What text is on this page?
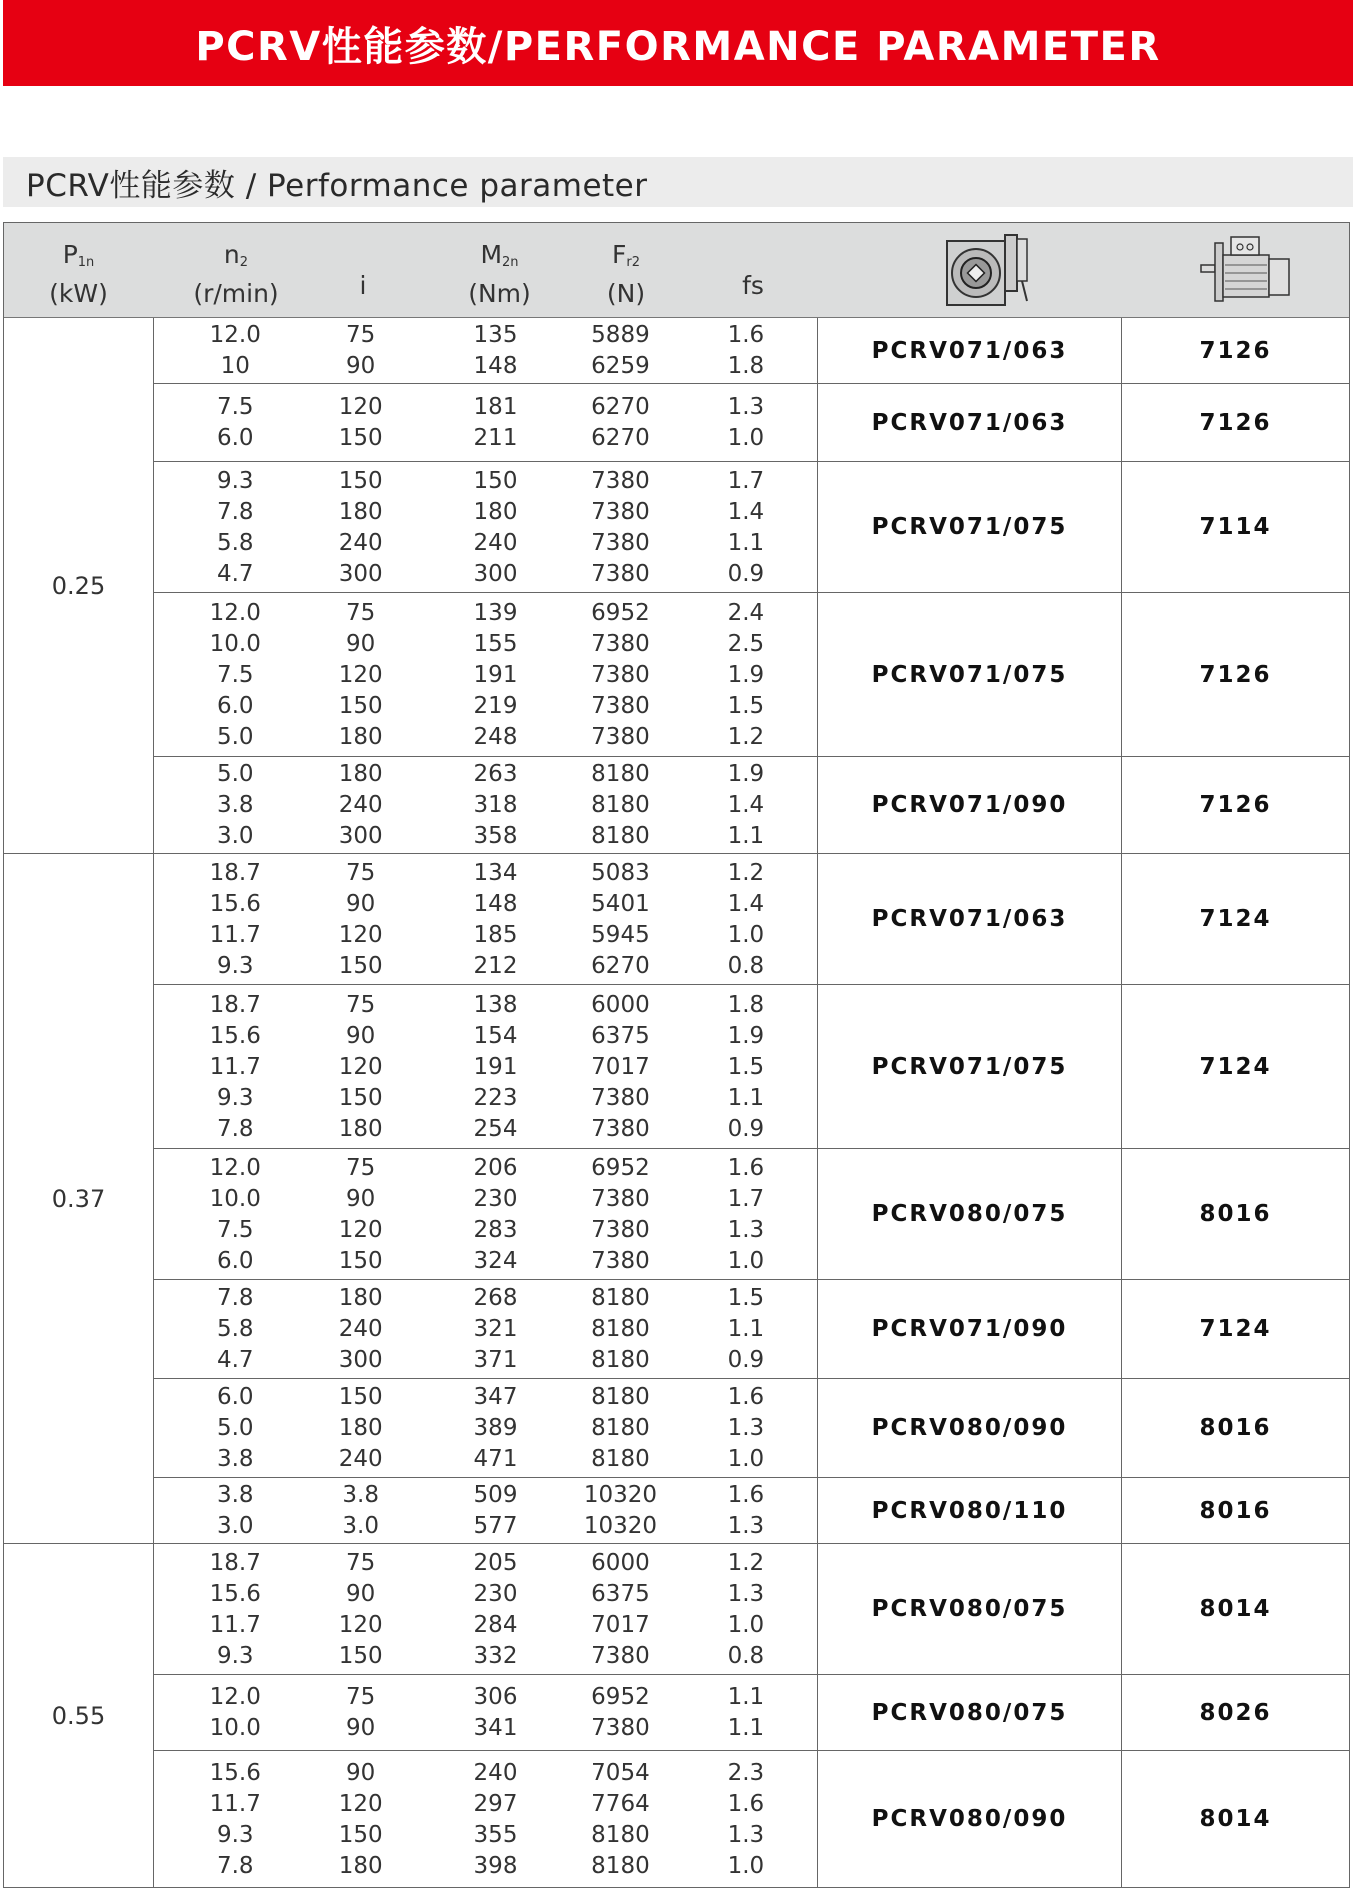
PCRV性能参数/PERFORMANCE PARAMETER
PCRV性能参数 / Performance parameter
$P_{1n}$
(kW)
$n_2$
(r/min)	i
$M_{2n}$
(Nm)
$F_{r2}$
(N)	fs
0.25
12.0	75	135	5889	1.6
10	90	148	6259	1.8
PCRV071/063	7126
7.5	120	181	6270	1.3
6.0	150	211	6270	1.0
PCRV071/063	7126
9.3	150	150	7380	1.7
7.8	180	180	7380	1.4
5.8	240	240	7380	1.1
4.7	300	300	7380	0.9
PCRV071/075	7114
12.0	75	139	6952	2.4
10.0	90	155	7380	2.5
7.5	120	191	7380	1.9
6.0	150	219	7380	1.5
5.0	180	248	7380	1.2
PCRV071/075	7126
5.0	180	263	8180	1.9
3.8	240	318	8180	1.4
3.0	300	358	8180	1.1
PCRV071/090	7126
0.37
18.7	75	134	5083	1.2
15.6	90	148	5401	1.4
11.7	120	185	5945	1.0
9.3	150	212	6270	0.8
PCRV071/063	7124
18.7	75	138	6000	1.8
15.6	90	154	6375	1.9
11.7	120	191	7017	1.5
9.3	150	223	7380	1.1
7.8	180	254	7380	0.9
PCRV071/075	7124
12.0	75	206	6952	1.6
10.0	90	230	7380	1.7
7.5	120	283	7380	1.3
6.0	150	324	7380	1.0
PCRV080/075	8016
7.8	180	268	8180	1.5
5.8	240	321	8180	1.1
4.7	300	371	8180	0.9
PCRV071/090	7124
6.0	150	347	8180	1.6
5.0	180	389	8180	1.3
3.8	240	471	8180	1.0
PCRV080/090	8016
3.8	3.8	509	10320	1.6
3.0	3.0	577	10320	1.3
PCRV080/110	8016
0.55
18.7	75	205	6000	1.2
15.6	90	230	6375	1.3
11.7	120	284	7017	1.0
9.3	150	332	7380	0.8
PCRV080/075	8014
12.0	75	306	6952	1.1
10.0	90	341	7380	1.1
PCRV080/075	8026
15.6	90	240	7054	2.3
11.7	120	297	7764	1.6
9.3	150	355	8180	1.3
7.8	180	398	8180	1.0
PCRV080/090	8014
